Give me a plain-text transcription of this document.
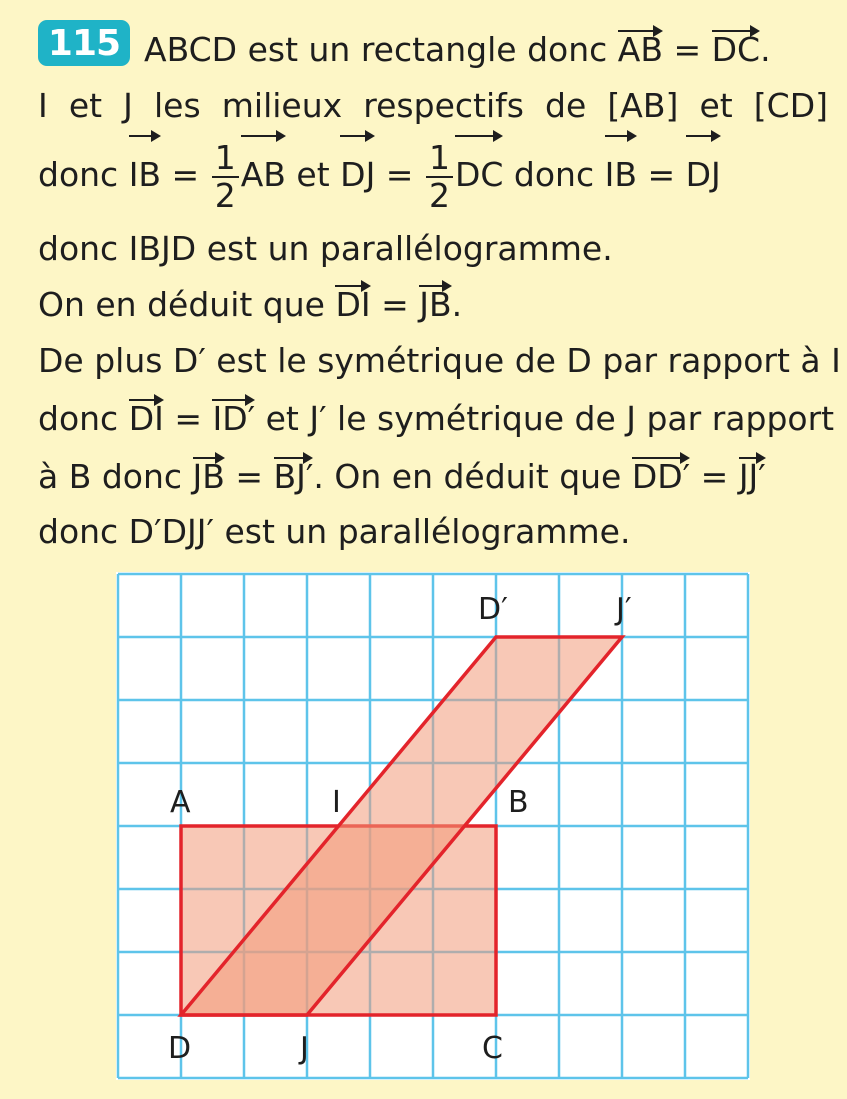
115 ABCD est un rectangle donc AB = DC.
I et J les milieux respectifs de [AB] et [CD]
donc IB = $\frac{1}{2}$ AB et DJ = $\frac{1}{2}$ DC donc IB = DJ
donc IBJD est un parallélogramme.
On en déduit que DI = JB.
De plus D′ est le symétrique de D par rapport à I
donc DI = ID′ et J′ le symétrique de J par rapport
à B donc JB = BJ′. On en déduit que DD′ = JJ′
donc D′DJJ′ est un parallélogramme.
A	I	B
D	J	C
D′	J′
